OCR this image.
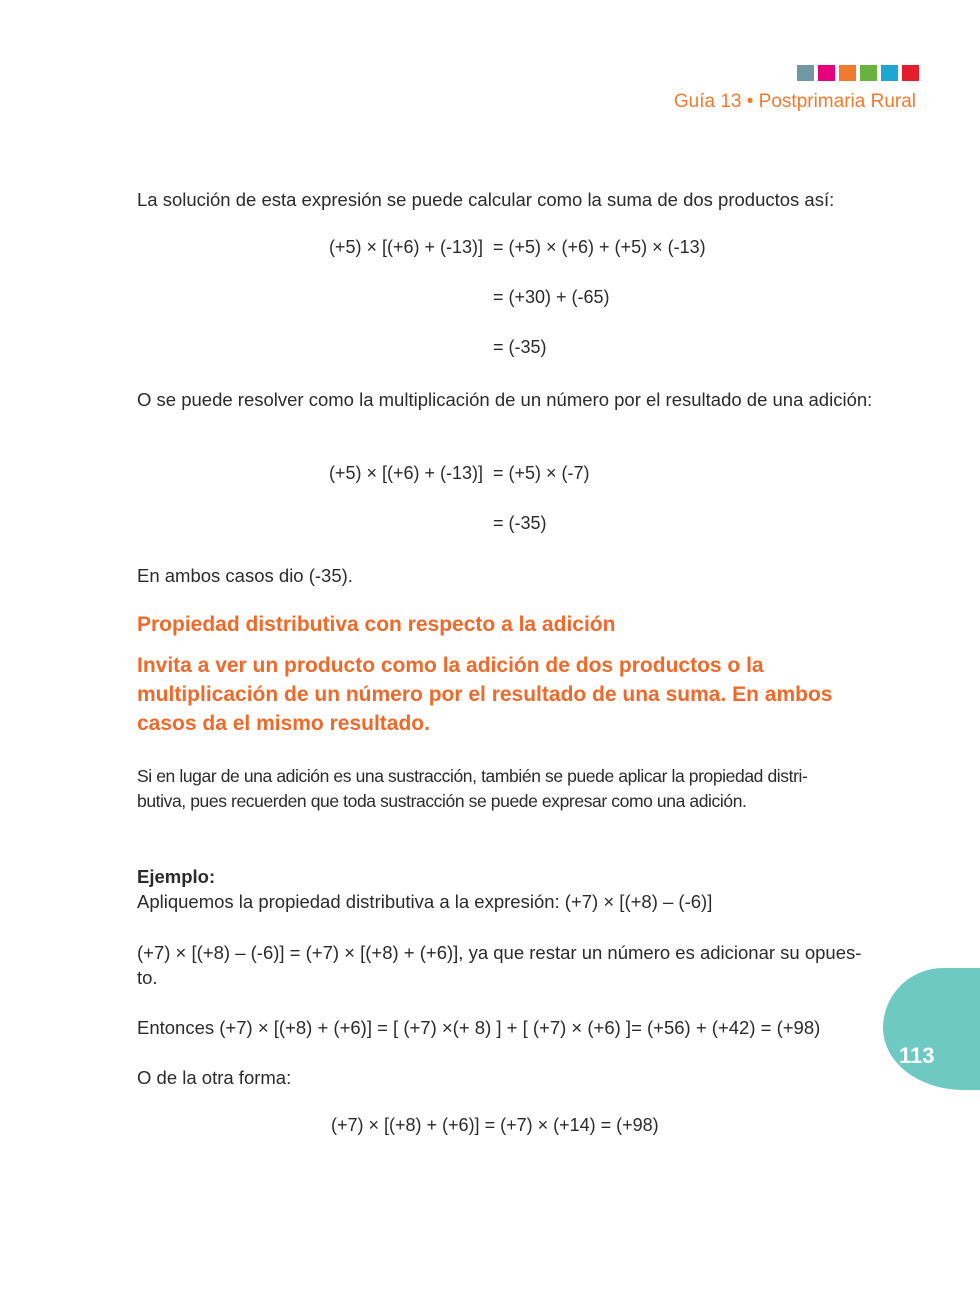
Guía 13 • Postprimaria Rural
La solución de esta expresión se puede calcular como la suma de dos productos así:
(+5) × [(+6) + (-13)] = (+5) × (+6) + (+5) × (-13)
= (+30) + (-65)
= (-35)
O se puede resolver como la multiplicación de un número por el resultado de una adición:
(+5) × [(+6) + (-13)] = (+5) × (-7)
= (-35)
En ambos casos dio (-35).
Propiedad distributiva con respecto a la adición
Invita a ver un producto como la adición de dos productos o la
multiplicación de un número por el resultado de una suma. En ambos
casos da el mismo resultado.
Si en lugar de una adición es una sustracción, también se puede aplicar la propiedad distri-
butiva, pues recuerden que toda sustracción se puede expresar como una adición.
Ejemplo:
Apliquemos la propiedad distributiva a la expresión: (+7) × [(+8) – (-6)]
(+7) × [(+8) – (-6)] = (+7) × [(+8) + (+6)], ya que restar un número es adicionar su opues-
to.
Entonces (+7) × [(+8) + (+6)] = [ (+7) ×(+ 8) ] + [ (+7) × (+6) ]= (+56) + (+42) = (+98)
O de la otra forma:
(+7) × [(+8) + (+6)] = (+7) × (+14) = (+98)
113
